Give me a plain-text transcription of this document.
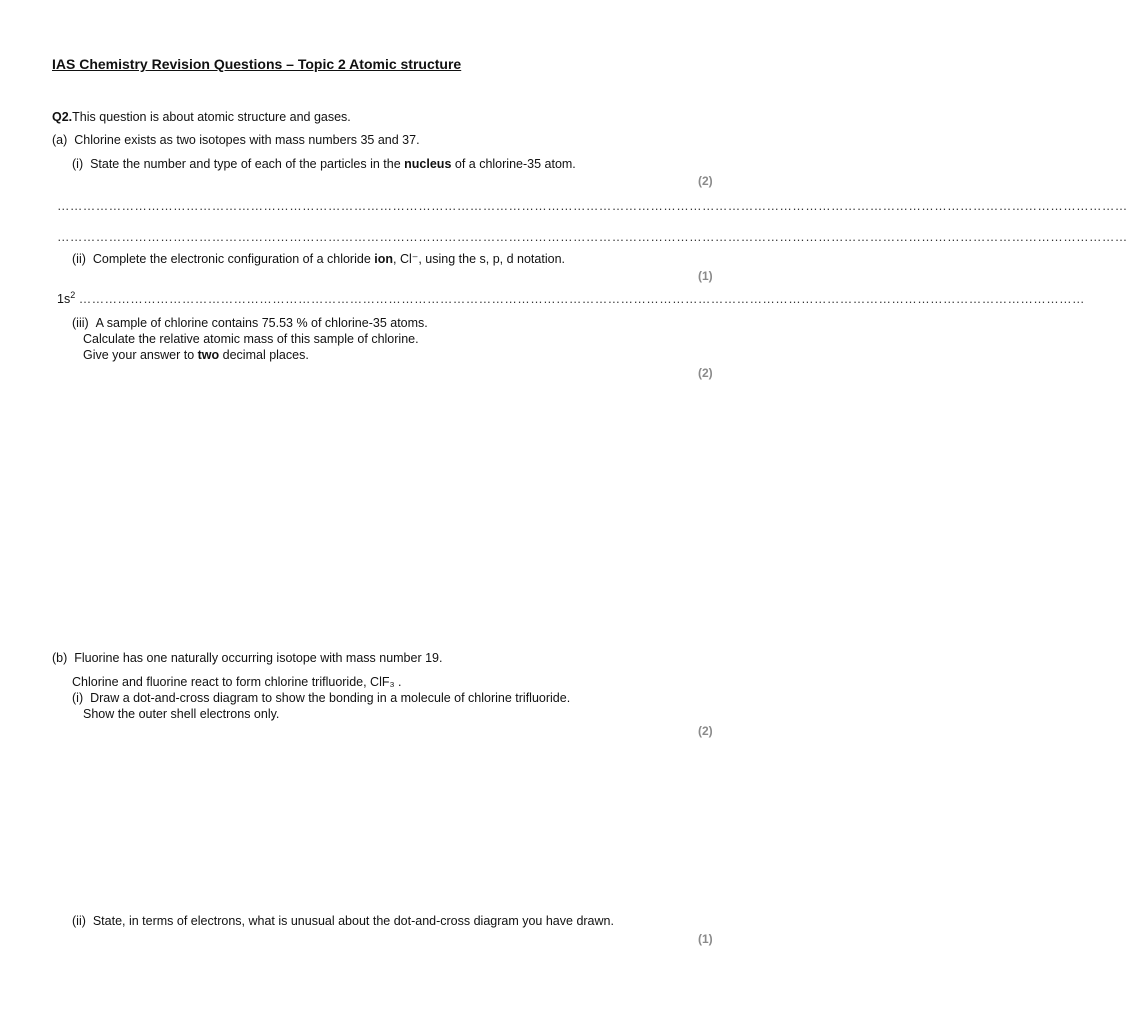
IAS Chemistry Revision Questions – Topic 2 Atomic structure
Q2.This question is about atomic structure and gases.
(a) Chlorine exists as two isotopes with mass numbers 35 and 37.
(i) State the number and type of each of the particles in the nucleus of a chlorine-35 atom.
(2)
……………………………………………………………………………………………………………………………………………………………………………………………………………………………
……………………………………………………………………………………………………………………………………………………………………………………………………………………………
(ii) Complete the electronic configuration of a chloride ion, Cl⁻, using the s, p, d notation.
(1)
$1s^2$ ………………………………………………………………………………………………………………………………………………………………………………………………………………
(iii) A sample of chlorine contains 75.53 % of chlorine-35 atoms.
Calculate the relative atomic mass of this sample of chlorine.
Give your answer to two decimal places.
(2)
(b) Fluorine has one naturally occurring isotope with mass number 19.
Chlorine and fluorine react to form chlorine trifluoride, ClF₃ .
(i) Draw a dot-and-cross diagram to show the bonding in a molecule of chlorine trifluoride.
Show the outer shell electrons only.
(2)
(ii) State, in terms of electrons, what is unusual about the dot-and-cross diagram you have drawn.
(1)
